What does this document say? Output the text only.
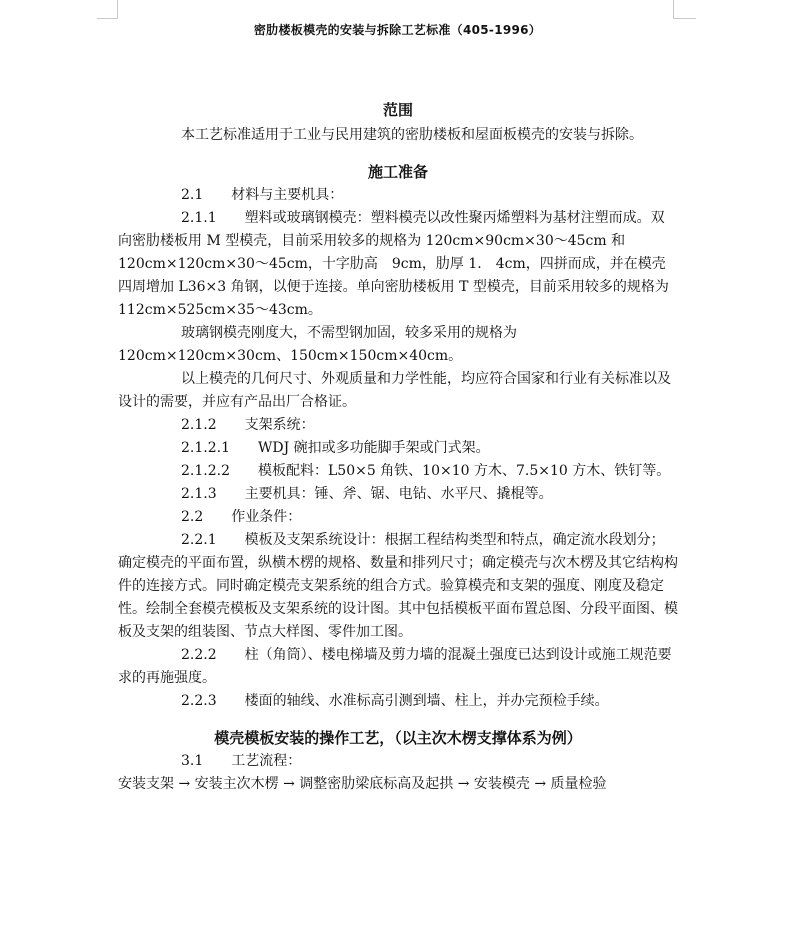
密肋楼板模壳的安装与拆除工艺标准（405-1996）

范围

本工艺标准适用于工业与民用建筑的密肋楼板和屋面板模壳的安装与拆除。

施工准备

2.1 材料与主要机具：

2.1.1 塑料或玻璃钢模壳：塑料模壳以改性聚丙烯塑料为基材注塑而成。双向密肋楼板用 M 型模壳，目前采用较多的规格为 120cm×90cm×30～45cm 和 120cm×120cm×30～45cm，十字肋高　9cm，肋厚 1.　4cm，四拼而成，并在模壳四周增加 L36×3 角钢，以便于连接。单向密肋楼板用 T 型模壳，目前采用较多的规格为 112cm×525cm×35～43cm。

玻璃钢模壳刚度大，不需型钢加固，较多采用的规格为 120cm×120cm×30cm、150cm×150cm×40cm。

以上模壳的几何尺寸、外观质量和力学性能，均应符合国家和行业有关标准以及设计的需要，并应有产品出厂合格证。

2.1.2 支架系统：

2.1.2.1 WDJ 碗扣或多功能脚手架或门式架。

2.1.2.2 模板配料：L50×5 角铁、10×10 方木、7.5×10 方木、铁钉等。

2.1.3 主要机具：锤、斧、锯、电钻、水平尺、撬棍等。

2.2 作业条件：

2.2.1 模板及支架系统设计：根据工程结构类型和特点，确定流水段划分；确定模壳的平面布置，纵横木楞的规格、数量和排列尺寸；确定模壳与次木楞及其它结构构件的连接方式。同时确定模壳支架系统的组合方式。验算模壳和支架的强度、刚度及稳定性。绘制全套模壳模板及支架系统的设计图。其中包括模板平面布置总图、分段平面图、模板及支架的组装图、节点大样图、零件加工图。

2.2.2 柱（角筒）、楼电梯墙及剪力墙的混凝土强度已达到设计或施工规范要求的再施强度。

2.2.3 楼面的轴线、水准标高引测到墙、柱上，并办完预检手续。

模壳模板安装的操作工艺，（以主次木楞支撑体系为例）

3.1 工艺流程：

安装支架 → 安装主次木楞 → 调整密肋梁底标高及起拱 → 安装模壳 → 质量检验
